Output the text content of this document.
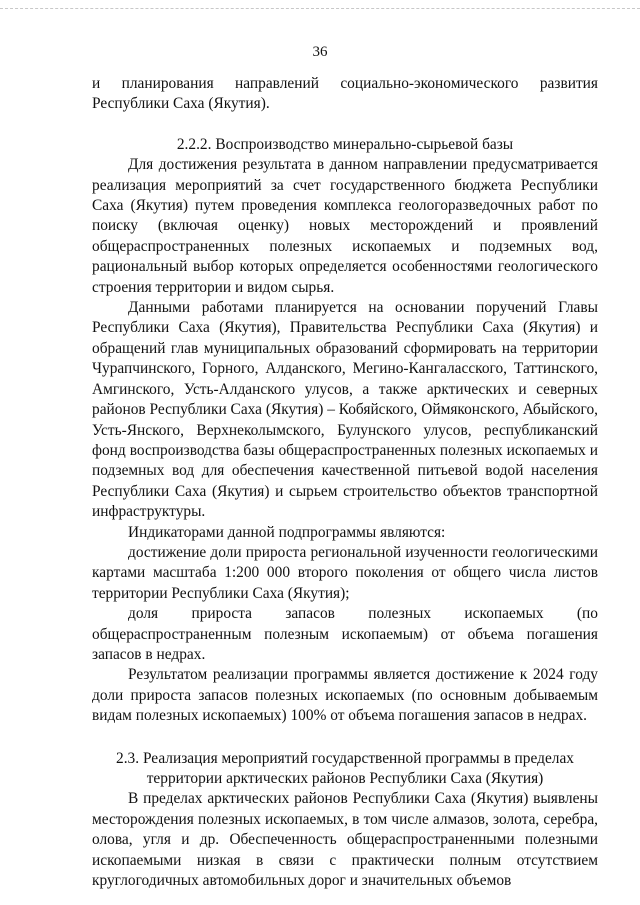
36

и планирования направлений социально-экономического развития Республики Саха (Якутия).

2.2.2. Воспроизводство минерально-сырьевой базы

Для достижения результата в данном направлении предусматривается реализация мероприятий за счет государственного бюджета Республики Саха (Якутия) путем проведения комплекса геологоразведочных работ по поиску (включая оценку) новых месторождений и проявлений общераспространенных полезных ископаемых и подземных вод, рациональный выбор которых определяется особенностями геологического строения территории и видом сырья.

Данными работами планируется на основании поручений Главы Республики Саха (Якутия), Правительства Республики Саха (Якутия) и обращений глав муниципальных образований сформировать на территории Чурапчинского, Горного, Алданского, Мегино-Кангаласского, Таттинского, Амгинского, Усть-Алданского улусов, а также арктических и северных районов Республики Саха (Якутия) – Кобяйского, Оймяконского, Абыйского, Усть-Янского, Верхнеколымского, Булунского улусов, республиканский фонд воспроизводства базы общераспространенных полезных ископаемых и подземных вод для обеспечения качественной питьевой водой населения Республики Саха (Якутия) и сырьем строительство объектов транспортной инфраструктуры.

Индикаторами данной подпрограммы являются:

достижение доли прироста региональной изученности геологическими картами масштаба 1:200 000 второго поколения от общего числа листов территории Республики Саха (Якутия);

доля прироста запасов полезных ископаемых (по общераспространенным полезным ископаемым) от объема погашения запасов в недрах.

Результатом реализации программы является достижение к 2024 году доли прироста запасов полезных ископаемых (по основным добываемым видам полезных ископаемых) 100% от объема погашения запасов в недрах.

2.3. Реализация мероприятий государственной программы в пределах территории арктических районов Республики Саха (Якутия)

В пределах арктических районов Республики Саха (Якутия) выявлены месторождения полезных ископаемых, в том числе алмазов, золота, серебра, олова, угля и др. Обеспеченность общераспространенными полезными ископаемыми низкая в связи с практически полным отсутствием круглогодичных автомобильных дорог и значительных объемов
